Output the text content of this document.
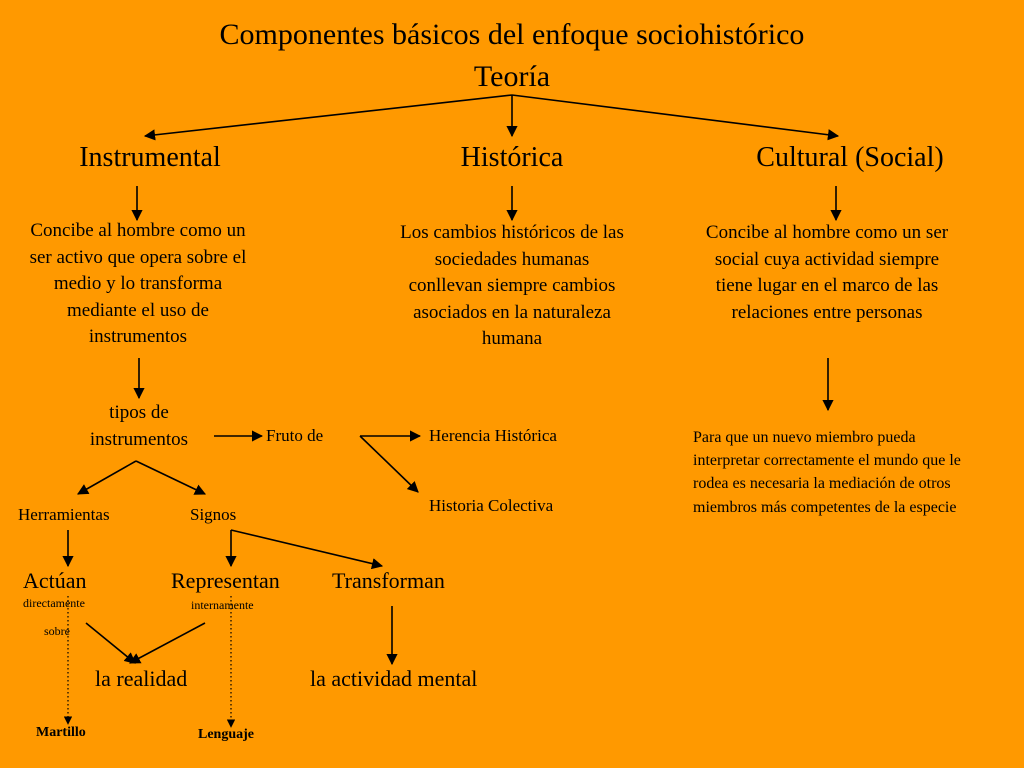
Componentes básicos del enfoque sociohistórico
Teoría
Instrumental	Histórica	Cultural (Social)
Concibe al hombre como un ser activo que opera sobre el medio y lo transforma mediante el uso de instrumentos
Los cambios históricos de las sociedades humanas conllevan siempre cambios asociados en la naturaleza humana
Concibe al hombre como un ser social cuya actividad siempre tiene lugar en el marco de las relaciones entre personas
tipos de instrumentos	Fruto de
Herramientas	Signos
Actúan
directamente
sobre
Representan
internamente
Transforman
la realidad	la actividad mental
Martillo	Lenguaje
Herencia Histórica
Historia Colectiva
Para que un nuevo miembro pueda interpretar correctamente el mundo que le rodea es necesaria la mediación de otros miembros más competentes de la especie
